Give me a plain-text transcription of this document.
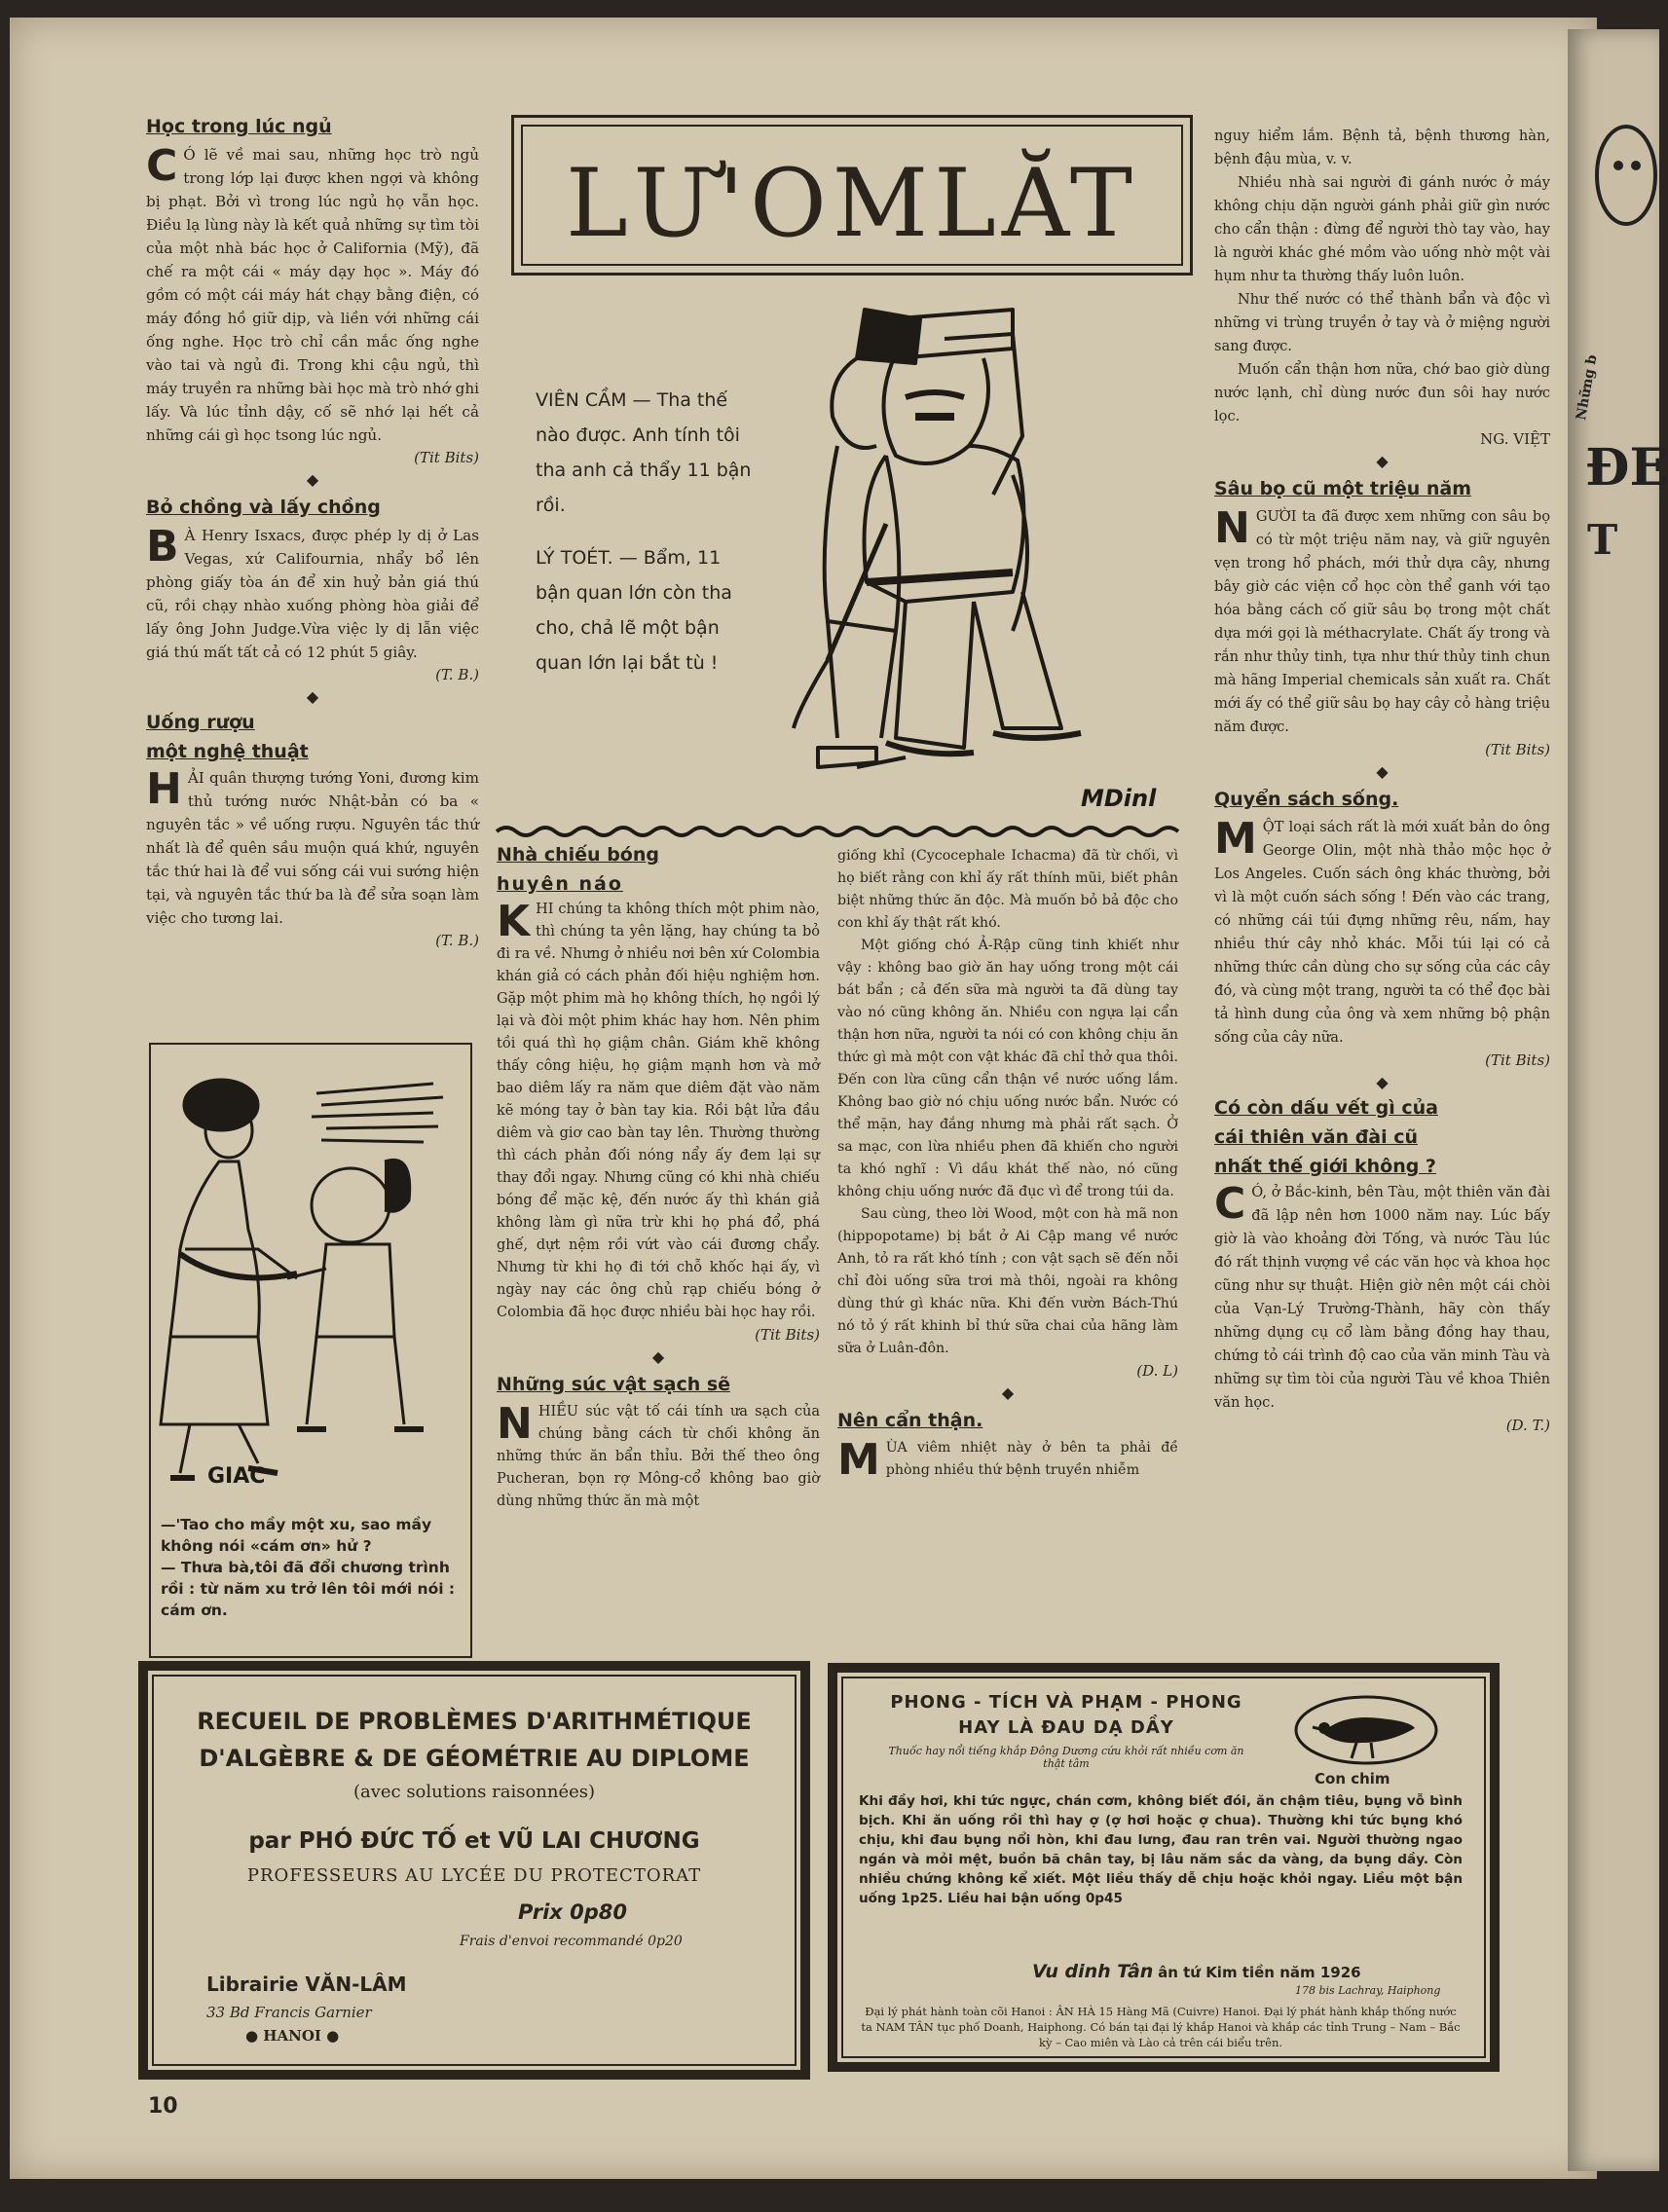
Học trong lúc ngủ

C Ó lẽ về mai sau, những học trò ngủ trong lớp lại được khen ngợi và không bị phạt. Bởi vì trong lúc ngủ họ vẫn học. Điều lạ lùng này là kết quả những sự tìm tòi của một nhà bác học ở California (Mỹ), đã chế ra một cái « máy dạy học ». Máy đó gồm có một cái máy hát chạy bằng điện, có máy đồng hồ giữ dịp, và liền với những cái ống nghe. Học trò chỉ cần mắc ống nghe vào tai và ngủ đi. Trong khi cậu ngủ, thì máy truyền ra những bài học mà trò nhớ ghi lấy. Và lúc tỉnh dậy, cố sẽ nhớ lại hết cả những cái gì học tsong lúc ngủ.

(Tit Bits)

◆

Bỏ chồng và lấy chồng

B À Henry Isxacs, được phép ly dị ở Las Vegas, xứ Califournia, nhẩy bổ lên phòng giấy tòa án để xin huỷ bản giá thú cũ, rồi chạy nhào xuống phòng hòa giải để lấy ông John Judge.Vừa việc ly dị lẫn việc giá thú mất tất cả có 12 phút 5 giây.

(T. B.)

◆

Uống rượu

một nghệ thuật

HẢI quân thượng tướng Yoni, đương kim thủ tướng nước Nhật-bản có ba « nguyên tắc » về uống rượu. Nguyên tắc thứ nhất là để quên sầu muộn quá khứ, nguyên tắc thứ hai là để vui sống cái vui sướng hiện tại, và nguyên tắc thứ ba là để sửa soạn làm việc cho tương lai.

(T. B.)

GIAC

—'Tao cho mầy một xu, sao mầy không nói «cám ơn» hử ?

— Thưa bà,tôi đã đổi chương trình rồi : từ năm xu trở lên tôi mới nói : cám ơn.

LƯ'OMLĂT

VIÊN CẦM — Tha thế nào được. Anh tính tôi tha anh cả thẩy 11 bận rồi.

LÝ TOÉT. — Bẩm, 11 bận quan lớn còn tha cho, chả lẽ một bận quan lớn lại bắt tù !

MDinl

Nhà chiếu bóng

huyên náo

KHI chúng ta không thích một phim nào, thì chúng ta yên lặng, hay chúng ta bỏ đi ra về. Nhưng ở nhiều nơi bên xứ Colombia khán giả có cách phản đối hiệu nghiệm hơn. Gặp một phim mà họ không thích, họ ngồi lý lại và đòi một phim khác hay hơn. Nên phim tồi quá thì họ giậm chân. Giám khẽ không thấy công hiệu, họ giậm mạnh hơn và mở bao diêm lấy ra năm que diêm đặt vào năm kẽ móng tay ở bàn tay kia. Rồi bật lửa đầu diêm và giơ cao bàn tay lên. Thường thường thì cách phản đối nóng nẩy ấy đem lại sự thay đổi ngay. Nhưng cũng có khi nhà chiếu bóng để mặc kệ, đến nước ấy thì khán giả không làm gì nữa trừ khi họ phá đổ, phá ghế, dựt nệm rồi vứt vào cái đương chẩy. Nhưng từ khi họ đi tới chỗ khốc hại ấy, vì ngày nay các ông chủ rạp chiếu bóng ở Colombia đã học được nhiều bài học hay rồi.

(Tit Bits)

◆

Những súc vật sạch sẽ

NHIỀU súc vật tố cái tính ưa sạch của chúng bằng cách từ chối không ăn những thức ăn bẩn thỉu. Bởi thế theo ông Pucheran, bọn rợ Mông-cổ không bao giờ dùng những thức ăn mà một

giống khỉ (Cycocephale Ichacma) đã từ chối, vì họ biết rằng con khỉ ấy rất thính mũi, biết phân biệt những thức ăn độc. Mà muốn bỏ bả độc cho con khỉ ấy thật rất khó.

Một giống chó Ả-Rập cũng tinh khiết như vậy : không bao giờ ăn hay uống trong một cái bát bẩn ; cả đến sữa mà người ta đã dùng tay vào nó cũng không ăn. Nhiều con ngựa lại cẩn thận hơn nữa, người ta nói có con không chịu ăn thức gì mà một con vật khác đã chỉ thở qua thôi. Đến con lừa cũng cẩn thận về nước uống lắm. Không bao giờ nó chịu uống nước bẩn. Nước có thể mặn, hay đắng nhưng mà phải rất sạch. Ở sa mạc, con lừa nhiều phen đã khiến cho người ta khó nghĩ : Vì dầu khát thế nào, nó cũng không chịu uống nước đã đục vì để trong túi da.

Sau cùng, theo lời Wood, một con hà mã non (hippopotame) bị bắt ở Ai Cập mang về nước Anh, tỏ ra rất khó tính ; con vật sạch sẽ đến nỗi chỉ đòi uống sữa trơi mà thôi, ngoài ra không dùng thứ gì khác nữa. Khi đến vườn Bách-Thú nó tỏ ý rất khinh bỉ thứ sữa chai của hãng làm sữa ở Luân-đôn.

(D. L)

◆

Nên cẩn thận.

MÙA viêm nhiệt này ở bên ta phải đề phòng nhiều thứ bệnh truyền nhiễm

nguy hiểm lắm. Bệnh tả, bệnh thương hàn, bệnh đậu mùa, v. v.

Nhiều nhà sai người đi gánh nước ở máy không chịu dặn người gánh phải giữ gìn nước cho cẩn thận : đừng để người thò tay vào, hay là người khác ghé mồm vào uống nhờ một vài hụm như ta thường thấy luôn luôn.

Như thế nước có thể thành bẩn và độc vì những vi trùng truyền ở tay và ở miệng người sang được.

Muốn cẩn thận hơn nữa, chớ bao giờ dùng nước lạnh, chỉ dùng nước đun sôi hay nước lọc.

NG. VIỆT

◆

Sâu bọ cũ một triệu năm

NGƯỜI ta đã được xem những con sâu bọ có từ một triệu năm nay, và giữ nguyên vẹn trong hổ phách, mới thử dựa cây, nhưng bây giờ các viện cổ học còn thể ganh với tạo hóa bằng cách cố giữ sâu bọ trong một chất dựa mới gọi là méthacrylate. Chất ấy trong và rắn như thủy tinh, tựa như thứ thủy tinh chun mà hãng Imperial chemicals sản xuất ra. Chất mới ấy có thể giữ sâu bọ hay cây cỏ hàng triệu năm được.

(Tit Bits)

◆

Quyển sách sống.

MỘT loại sách rất là mới xuất bản do ông George Olin, một nhà thảo mộc học ở Los Angeles. Cuốn sách ông khác thường, bởi vì là một cuốn sách sống ! Đến vào các trang, có những cái túi đựng những rêu, nấm, hay nhiều thứ cây nhỏ khác. Mỗi túi lại có cả những thức cần dùng cho sự sống của các cây đó, và cùng một trang, người ta có thể đọc bài tả hình dung của ông và xem những bộ phận sống của cây nữa.

(Tit Bits)

◆

Có còn dấu vết gì của

cái thiên văn đài cũ

nhất thế giới không ?

C Ó, ở Bắc-kinh, bên Tàu, một thiên văn đài đã lập nên hơn 1000 năm nay. Lúc bấy giờ là vào khoảng đời Tống, và nước Tàu lúc đó rất thịnh vượng về các văn học và khoa học cũng như sự thuật. Hiện giờ nên một cái chòi của Vạn-Lý Trường-Thành, hãy còn thấy những dụng cụ cổ làm bằng đồng hay thau, chứng tỏ cái trình độ cao của văn minh Tàu và những sự tìm tòi của người Tàu về khoa Thiên văn học.

(D. T.)

RECUEIL DE PROBLÈMES D'ARITHMÉTIQUE
D'ALGÈBRE & DE GÉOMÉTRIE AU DIPLOME
(avec solutions raisonnées)
par PHÓ ĐỨC TỐ et VŨ LAI CHƯƠNG
PROFESSEURS AU LYCÉE DU PROTECTORAT
Prix 0p80
Frais d'envoi recommandé 0p20
Librairie VĂN-LÂM
33 Bd Francis Garnier
● HANOI ●
PHONG - TÍCH VÀ PHẠM - PHONG
HAY LÀ ĐAU DẠ DẦY
Thuốc hay nổi tiếng khắp Đông Dương cứu khỏi rất nhiều cơm ăn thật tâm
Con chim
Khi đầy hơi, khi tức ngực, chán cơm, không biết đói, ăn chậm tiêu, bụng vỗ bình bịch. Khi ăn uống rồi thì hay ợ (ợ hơi hoặc ợ chua). Thường khi tức bụng khó chịu, khi đau bụng nổi hòn, khi đau lưng, đau ran trên vai. Người thường ngao ngán và mỏi mệt, buồn bã chân tay, bị lâu năm sắc da vàng, da bụng dầy. Còn nhiều chứng không kể xiết. Một liều thấy dễ chịu hoặc khỏi ngay. Liều một bận uống 1p25. Liều hai bận uống 0p45
Vu dinh Tân ân tứ Kim tiền năm 1926
178 bis Lachray, Haiphong
Đại lý phát hành toàn cõi Hanoi : ÂN HÀ 15 Hàng Mã (Cuivre) Hanoi. Đại lý phát hành khắp thống nước ta NAM TÂN tục phố Doanh, Haiphong. Có bán tại đại lý khắp Hanoi và khắp các tỉnh Trung – Nam – Bắc kỳ – Cao miên và Lào cả trên cái biểu trên.
10
Những b
ĐE
T
